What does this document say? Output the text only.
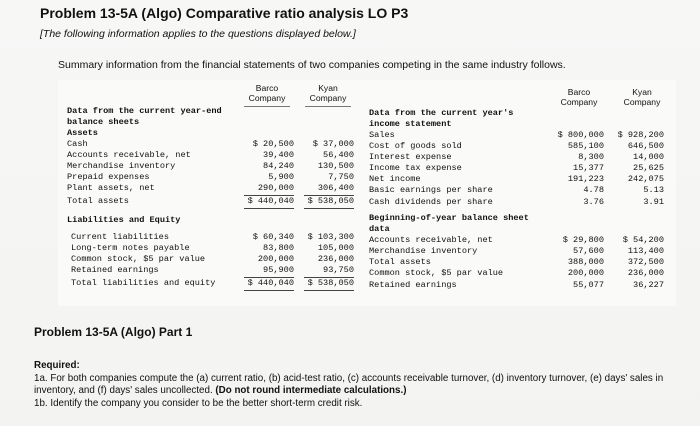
Problem 13-5A (Algo) Comparative ratio analysis LO P3
[The following information applies to the questions displayed below.]
Summary information from the financial statements of two companies competing in the same industry follows.
Barco
Company
Kyan
Company
Barco
Company
Kyan
Company
Data from the current year-end
balance sheets
Assets
Cash	$ 20,500	$ 37,000
Accounts receivable, net	39,400	56,400
Merchandise inventory	84,240	130,500
Prepaid expenses	5,900	7,750
Plant assets, net	290,000	306,400
Total assets	$ 440,040	$ 538,050
Liabilities and Equity
Current liabilities	$ 60,340	$ 103,300
Long-term notes payable	83,800	105,000
Common stock, $5 par value	200,000	236,000
Retained earnings	95,900	93,750
Total liabilities and equity	$ 440,040	$ 538,050
Data from the current year's
income statement
Sales	$ 800,000	$ 928,200
Cost of goods sold	585,100	646,500
Interest expense	8,300	14,000
Income tax expense	15,377	25,625
Net income	191,223	242,075
Basic earnings per share	4.78	5.13
Cash dividends per share	3.76	3.91
Beginning-of-year balance sheet
data
Accounts receivable, net	$ 29,800	$ 54,200
Merchandise inventory	57,600	113,400
Total assets	388,000	372,500
Common stock, $5 par value	200,000	236,000
Retained earnings	55,077	36,227
Problem 13-5A (Algo) Part 1
Required:
1a. For both companies compute the (a) current ratio, (b) acid-test ratio, (c) accounts receivable turnover, (d) inventory turnover, (e) days' sales in inventory, and (f) days' sales uncollected. (Do not round intermediate calculations.)
1b. Identify the company you consider to be the better short-term credit risk.
